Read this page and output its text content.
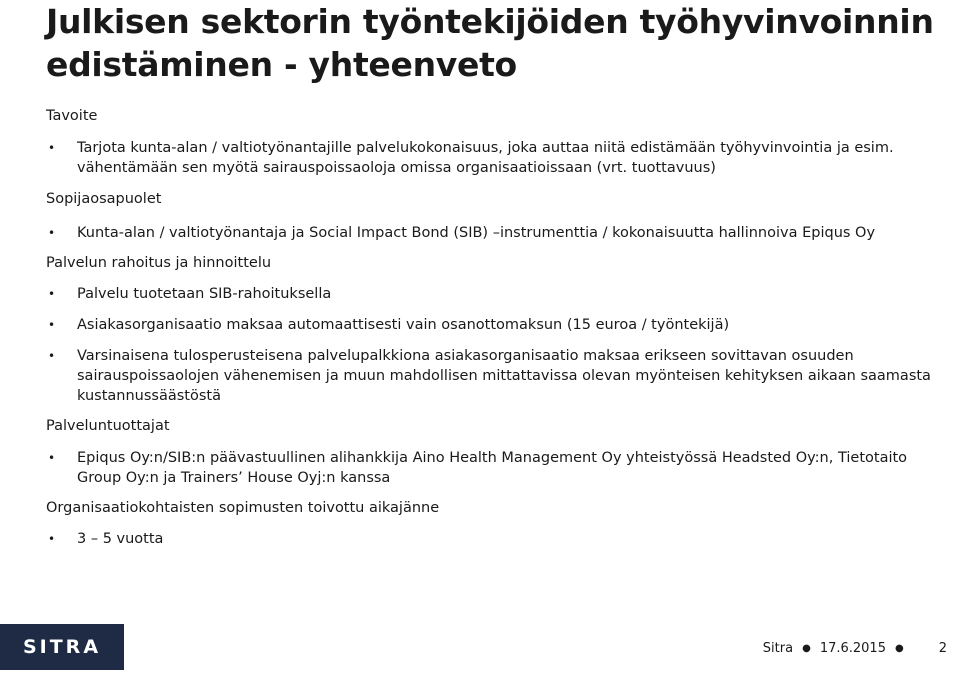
Julkisen sektorin työntekijöiden työhyvinvoinnin edistäminen - yhteenveto

Tavoite

• Tarjota kunta-alan / valtiotyönantajille palvelukokonaisuus, joka auttaa niitä edistämään työhyvinvointia ja esim. vähentämään sen myötä sairauspoissaoloja omissa organisaatioissaan (vrt. tuottavuus)

Sopijaosapuolet

• Kunta-alan / valtiotyönantaja ja Social Impact Bond (SIB) –instrumenttia / kokonaisuutta hallinnoiva Epiqus Oy

Palvelun rahoitus ja hinnoittelu

• Palvelu tuotetaan SIB-rahoituksella

• Asiakasorganisaatio maksaa automaattisesti vain osanottomaksun (15 euroa / työntekijä)

• Varsinaisena tulosperusteisena palvelupalkkiona asiakasorganisaatio maksaa erikseen sovittavan osuuden sairauspoissaolojen vähenemisen ja muun mahdollisen mittattavissa olevan myönteisen kehityksen aikaan saamasta kustannussäästöstä

Palveluntuottajat

• Epiqus Oy:n/SIB:n päävastuullinen alihankkija Aino Health Management Oy yhteistyössä Headsted Oy:n, Tietotaito Group Oy:n ja Trainers’ House Oyj:n kanssa

Organisaatiokohtaisten sopimusten toivottu aikajänne

• 3 – 5 vuotta

SITRA	Sitra ● 17.6.2015 ●	2
